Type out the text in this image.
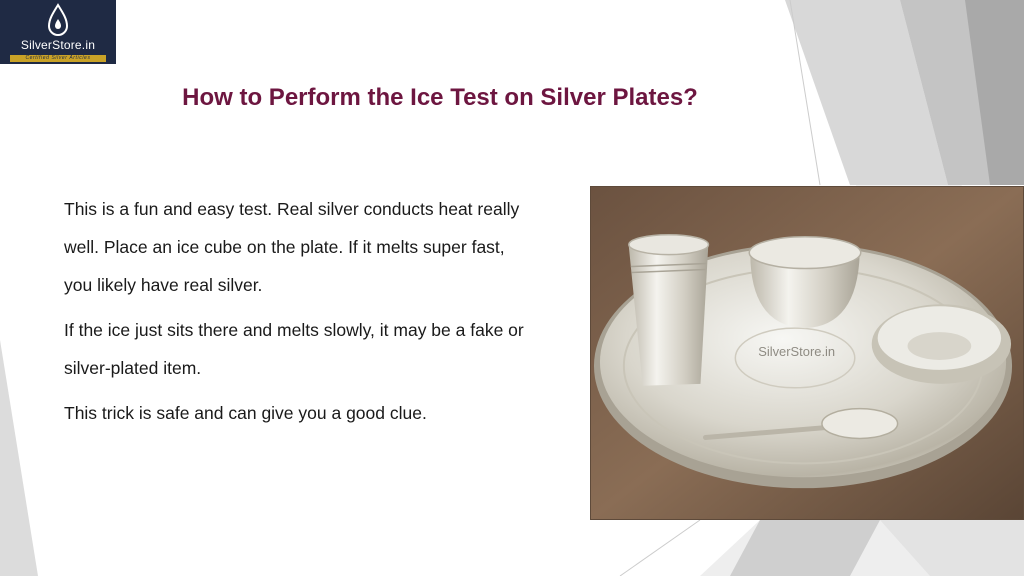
SilverStore.in
Certified Silver Articles
How to Perform the Ice Test on Silver Plates?

This is a fun and easy test. Real silver conducts heat really well. Place an ice cube on the plate. If it melts super fast, you likely have real silver.

If the ice just sits there and melts slowly, it may be a fake or silver-plated item.

This trick is safe and can give you a good clue.

SilverStore.in
